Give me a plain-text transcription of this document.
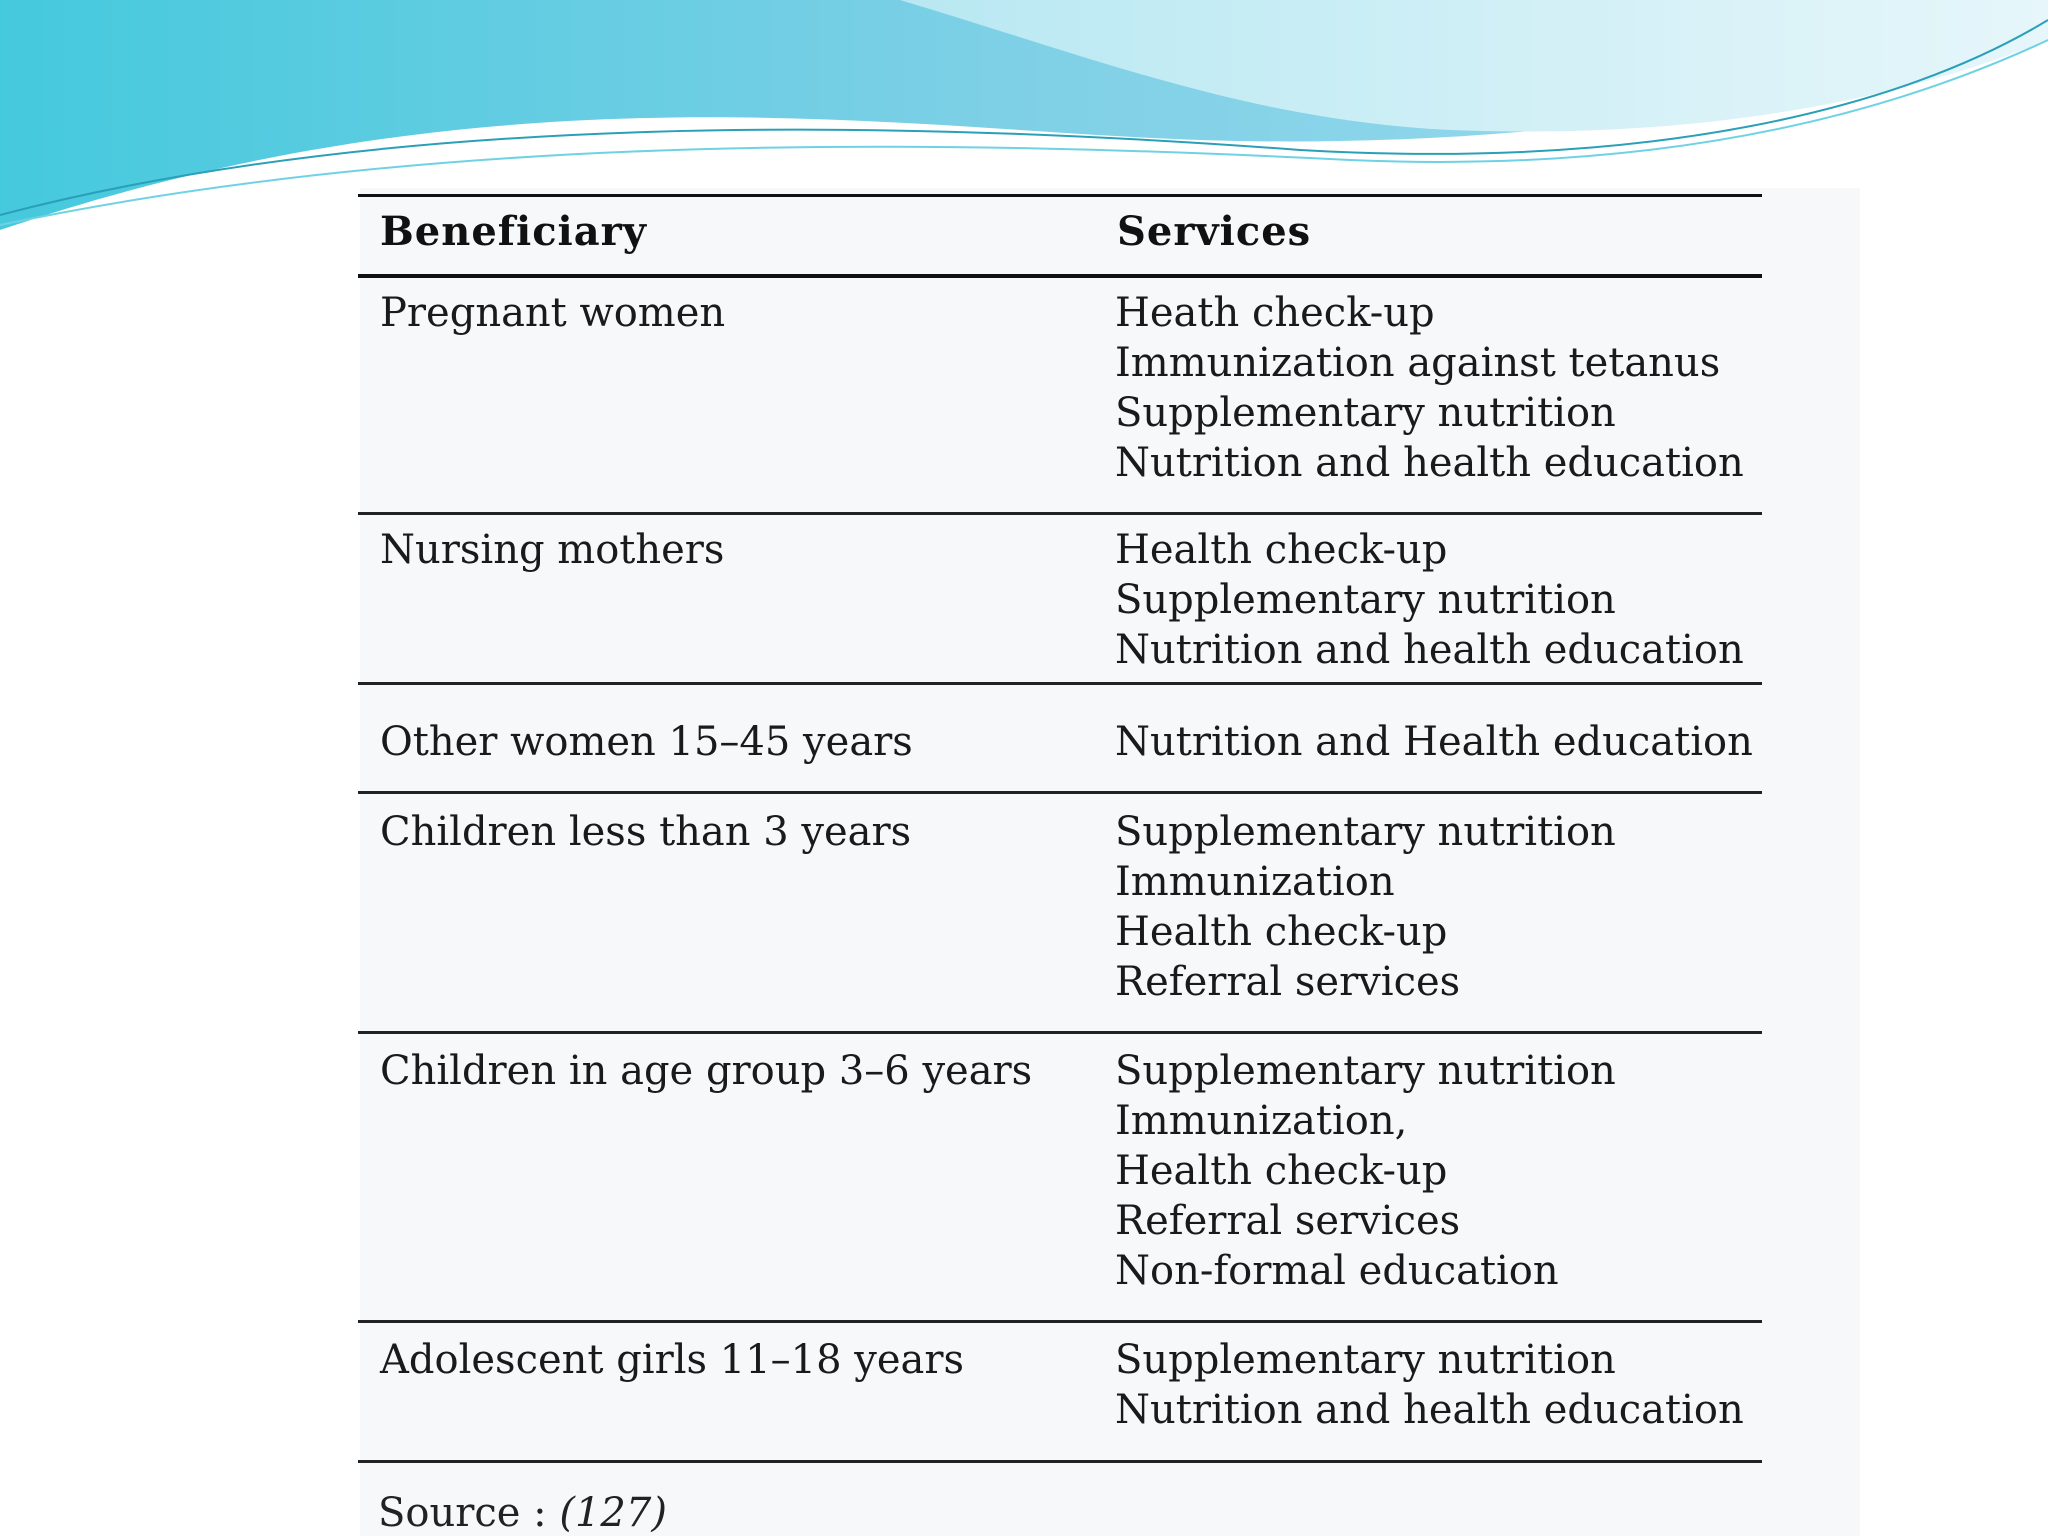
Beneficiary	Services
Pregnant women	Heath check-up
Immunization against tetanus
Supplementary nutrition
Nutrition and health education
Nursing mothers	Health check-up
Supplementary nutrition
Nutrition and health education
Other women 15–45 years	Nutrition and Health education
Children less than 3 years	Supplementary nutrition
Immunization
Health check-up
Referral services
Children in age group 3–6 years Supplementary nutrition
Immunization,
Health check-up
Referral services
Non-formal education
Adolescent girls 11–18 years	Supplementary nutrition
Nutrition and health education
Source : (127)
